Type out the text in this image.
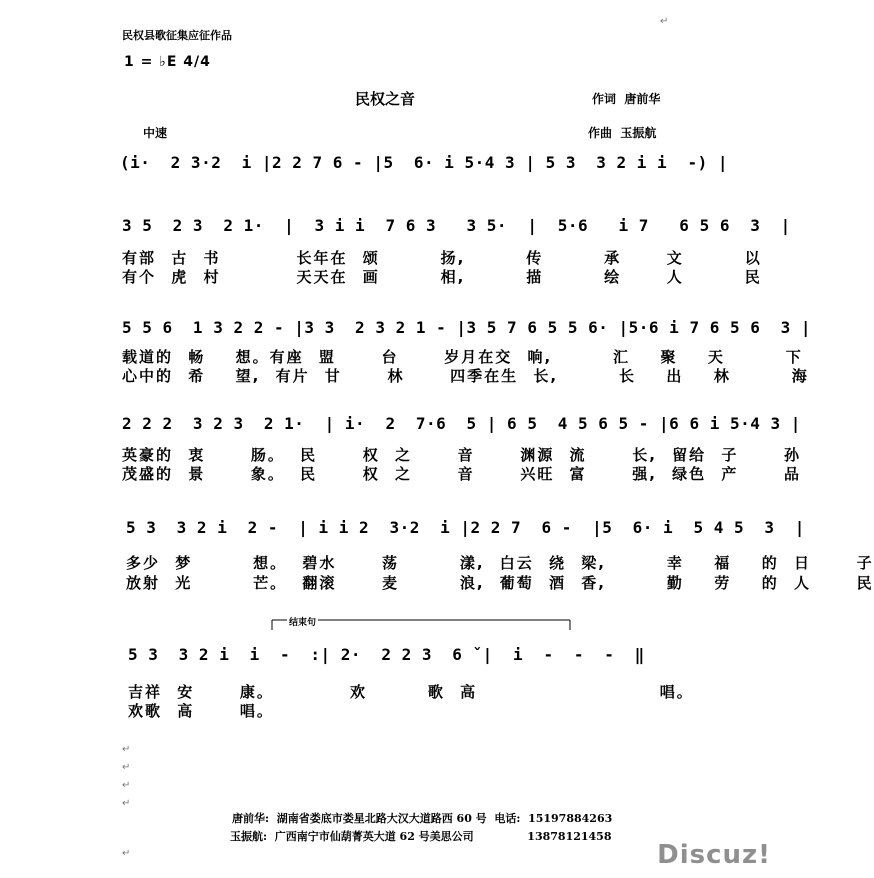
民权县歌征集应征作品
1 = ♭E 4/4
民权之音	作词  唐前华
中速	作曲  玉振航
(i·  2 3·2  i |2 2 7 6 - |5  6· i 5·4 3 | 5 3  3 2 i i  -) |
3 5  2 3  2 1·  |  3 i i  7 6 3   3 5·  |  5·6   i 7   6 5 6  3  |
有部 古 书     长年在 颂    扬,    传    承   文    以
有个 虎 村     天天在 画    相,    描    绘   人    民
5 5 6  1 3 2 2 - |3 3  2 3 2 1 - |3 5 7 6 5 5 6· |5·6 i 7 6 5 6  3 |
载道的 畅  想。有座 盟   台   岁月在交 响,    汇  聚  天    下
心中的 希  望, 有片 甘   林   四季在生 长,    长  出  林    海
2 2 2  3 2 3  2 1·  | i·  2  7·6  5 | 6 5  4 5 6 5 - |6 6 i 5·4 3 |
英豪的 衷   肠。 民   权 之   音   渊源 流   长, 留给 子   孙
茂盛的 景   象。 民   权 之   音   兴旺 富   强, 绿色 产   品
5 3  3 2 i  2 -  | i i 2  3·2  i |2 2 7  6 -  |5  6· i  5 4 5  3  |
多少 梦    想。 碧水   荡    漾, 白云 绕 梁,    幸  福  的 日   子
放射 光    芒。 翻滚   麦    浪, 葡萄 酒 香,    勤  劳  的 人   民
结束句
5 3  3 2 i  i  -  :| 2·  2 2 3  6 ˇ|  i  -  -  -  ‖
吉祥 安   康。     欢    歌 高            唱。
欢歌 高   唱。
唐前华:  湖南省娄底市娄星北路大汉大道路西 60 号  电话:  15197884263
玉振航:  广西南宁市仙葫菁英大道 62 号美思公司              13878121458
Discuz!
↵
↵
↵
↵
↵
↵
